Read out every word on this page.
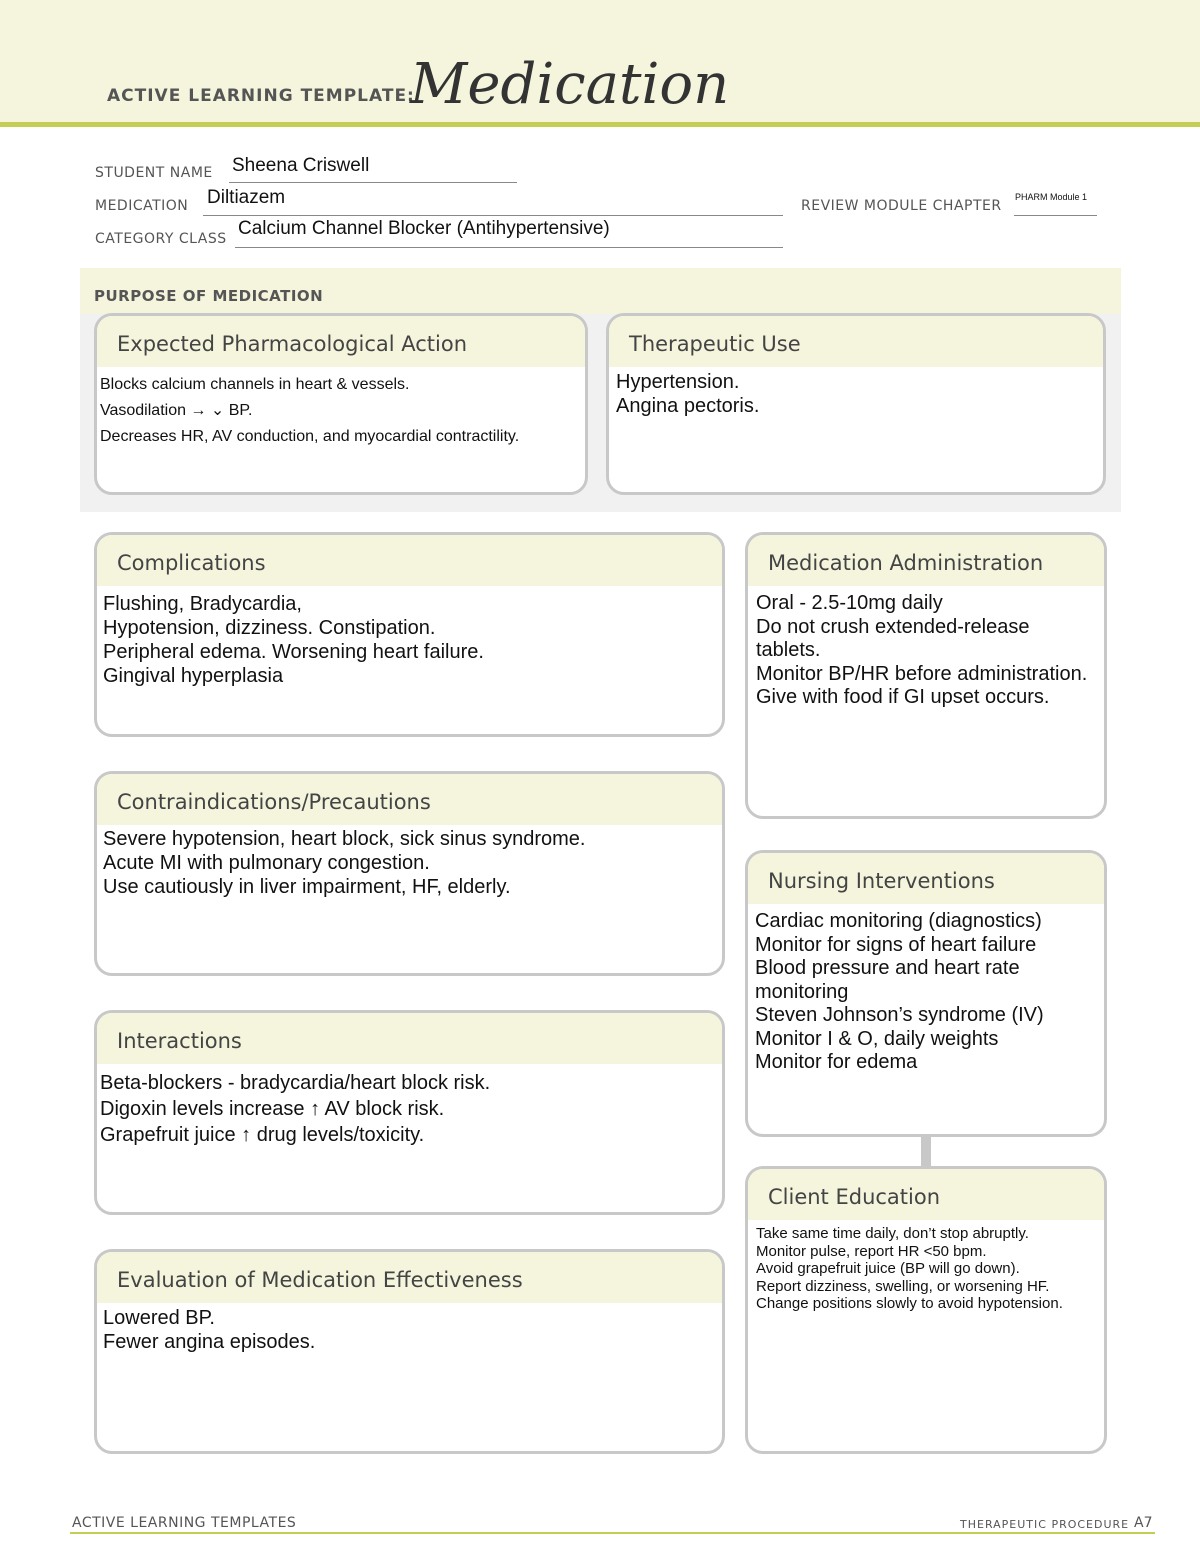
ACTIVE LEARNING TEMPLATE:
Medication
STUDENT NAME Sheena Criswell
MEDICATION Diltiazem	REVIEW MODULE CHAPTER
PHARM Module 1
CATEGORY CLASS Calcium Channel Blocker (Antihypertensive)
PURPOSE OF MEDICATION
Expected Pharmacological Action
Blocks calcium channels in heart & vessels.
Vasodilation → ⌄ BP.
Decreases HR, AV conduction, and myocardial contractility.
Therapeutic Use
Hypertension.
Angina pectoris.
Complications
Flushing, Bradycardia,
Hypotension, dizziness. Constipation.
Peripheral edema. Worsening heart failure.
Gingival hyperplasia
Contraindications/Precautions
Severe hypotension, heart block, sick sinus syndrome.
Acute MI with pulmonary congestion.
Use cautiously in liver impairment, HF, elderly.
Interactions
Beta-blockers - bradycardia/heart block risk.
Digoxin levels increase ↑ AV block risk.
Grapefruit juice ↑ drug levels/toxicity.
Evaluation of Medication Effectiveness
Lowered BP.
Fewer angina episodes.
Medication Administration
Oral - 2.5-10mg daily
Do not crush extended-release tablets.
Monitor BP/HR before administration.
Give with food if GI upset occurs.
Nursing Interventions
Cardiac monitoring (diagnostics)
Monitor for signs of heart failure
Blood pressure and heart rate monitoring
Steven Johnson’s syndrome (IV)
Monitor I & O, daily weights
Monitor for edema
Client Education
Take same time daily, don’t stop abruptly.
Monitor pulse, report HR <50 bpm.
Avoid grapefruit juice (BP will go down).
Report dizziness, swelling, or worsening HF.
Change positions slowly to avoid hypotension.
ACTIVE LEARNING TEMPLATES	THERAPEUTIC PROCEDURE A7
